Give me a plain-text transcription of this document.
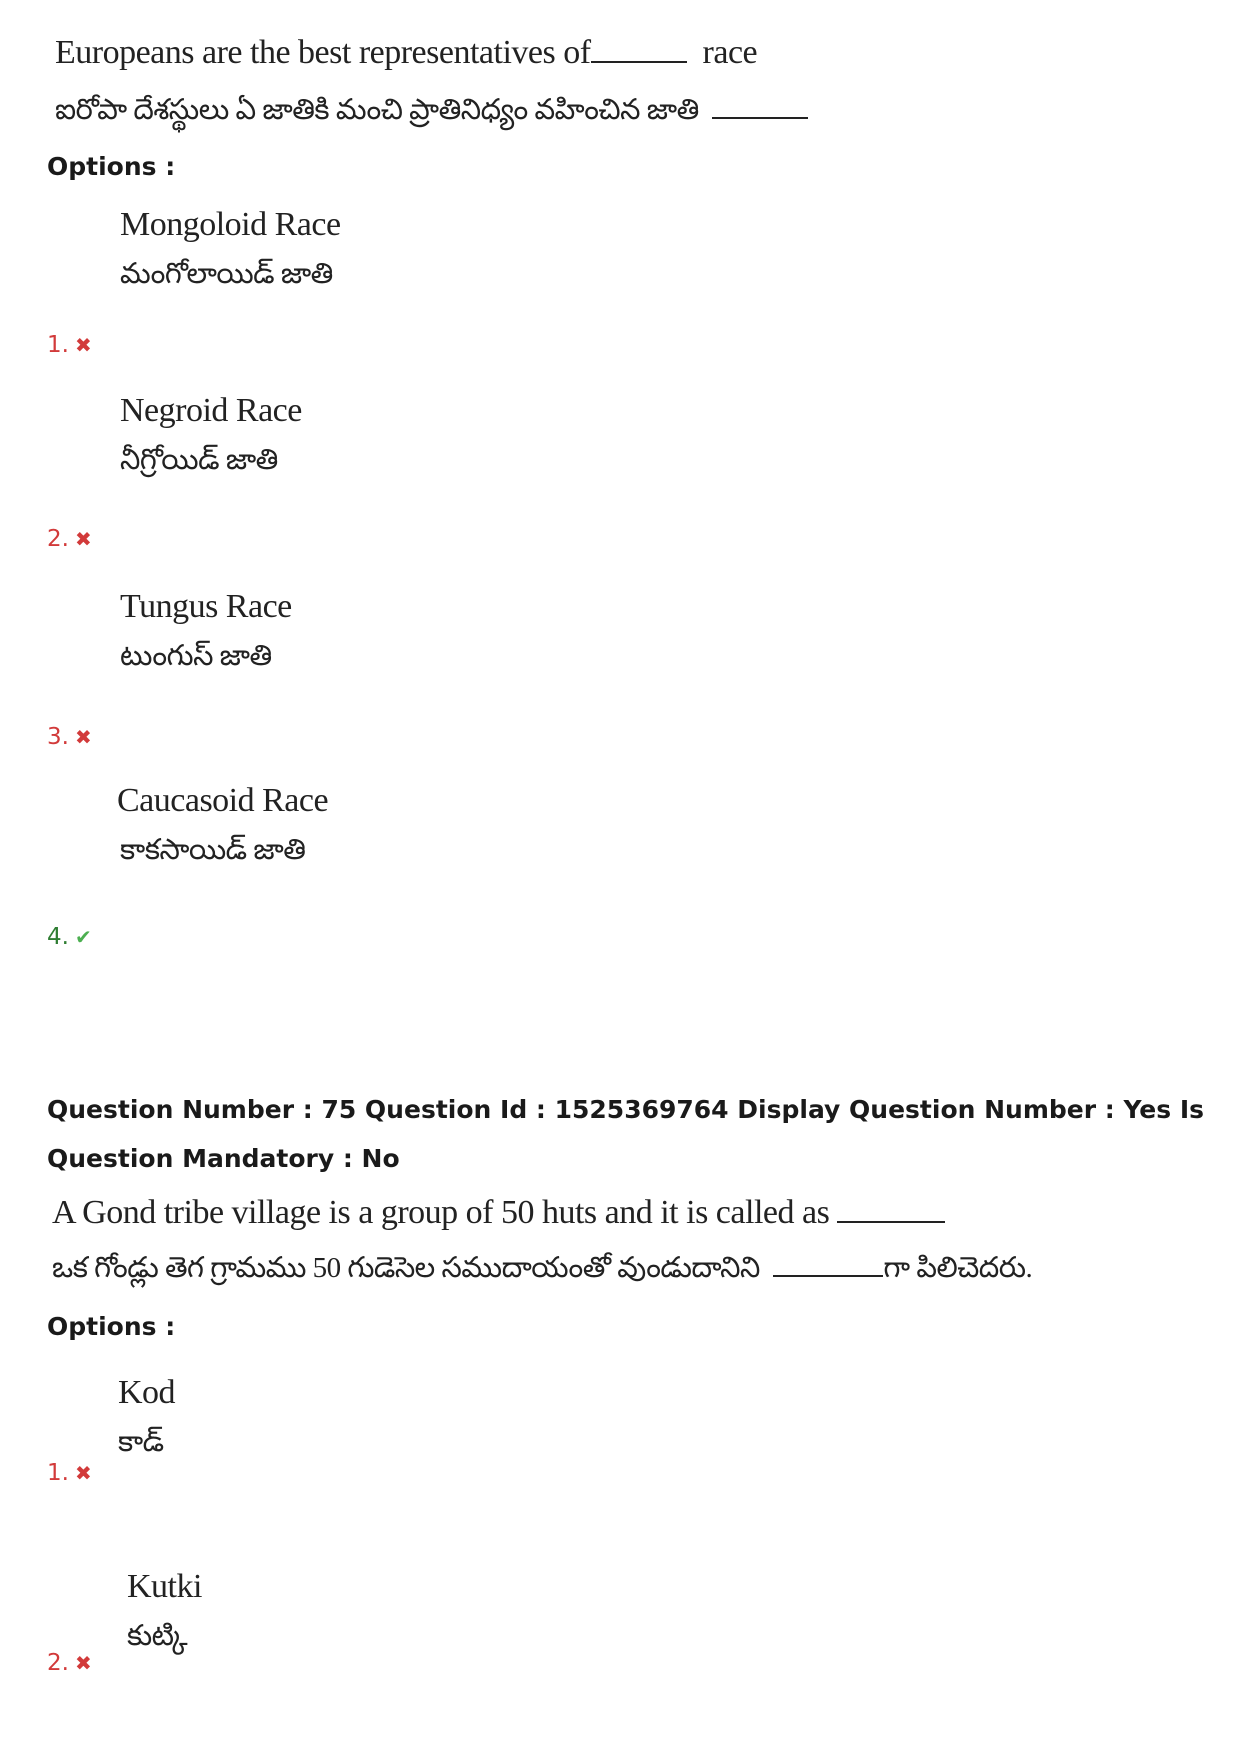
Europeans are the best representatives of	race
ఐరోపా దేశస్థులు ఏ జాతికి మంచి ప్రాతినిధ్యం వహించిన జాతి
Options :
Mongoloid Race
మంగోలాయిడ్ జాతి
1. ✖
Negroid Race
నీగ్రోయిడ్ జాతి
2. ✖
Tungus Race
టుంగుస్ జాతి
3. ✖
Caucasoid Race
కాకసాయిడ్ జాతి
4. ✔
Question Number : 75 Question Id : 1525369764 Display Question Number : Yes Is Question Mandatory : No
A Gond tribe village is a group of 50 huts and it is called as
ఒక గోండ్లు తెగ గ్రామము 50 గుడెసెల సముదాయంతో వుండుదానిని	గా పిలిచెదరు.
Options :
Kod
కాడ్
1. ✖
Kutki
కుట్కి
2. ✖
